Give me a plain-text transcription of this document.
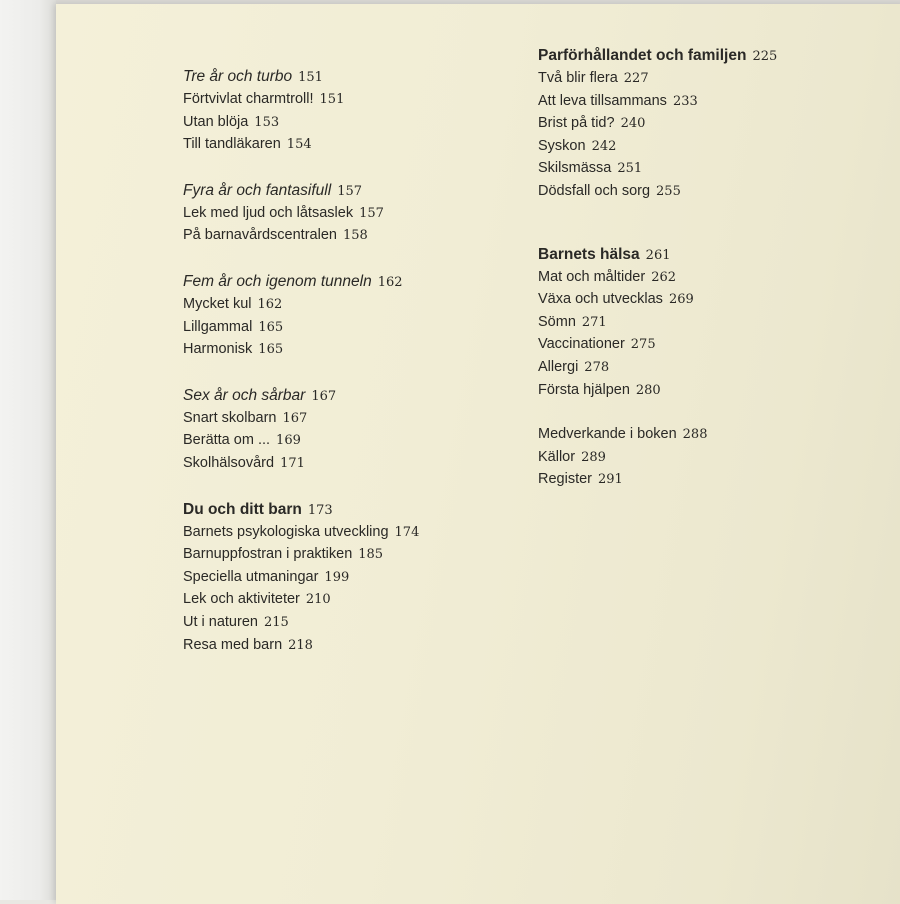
Tre år och turbo 151
Förtvivlat charmtroll! 151
Utan blöja 153
Till tandläkaren 154
Fyra år och fantasifull 157
Lek med ljud och låtsaslek 157
På barnavårdscentralen 158
Fem år och igenom tunneln 162
Mycket kul 162
Lillgammal 165
Harmonisk 165
Sex år och sårbar 167
Snart skolbarn 167
Berätta om ... 169
Skolhälsovård 171
Du och ditt barn 173
Barnets psykologiska utveckling 174
Barnuppfostran i praktiken 185
Speciella utmaningar 199
Lek och aktiviteter 210
Ut i naturen 215
Resa med barn 218
Parförhållandet och familjen 225
Två blir flera 227
Att leva tillsammans 233
Brist på tid? 240
Syskon 242
Skilsmässa 251
Dödsfall och sorg 255
Barnets hälsa 261
Mat och måltider 262
Växa och utvecklas 269
Sömn 271
Vaccinationer 275
Allergi 278
Första hjälpen 280
Medverkande i boken 288
Källor 289
Register 291
